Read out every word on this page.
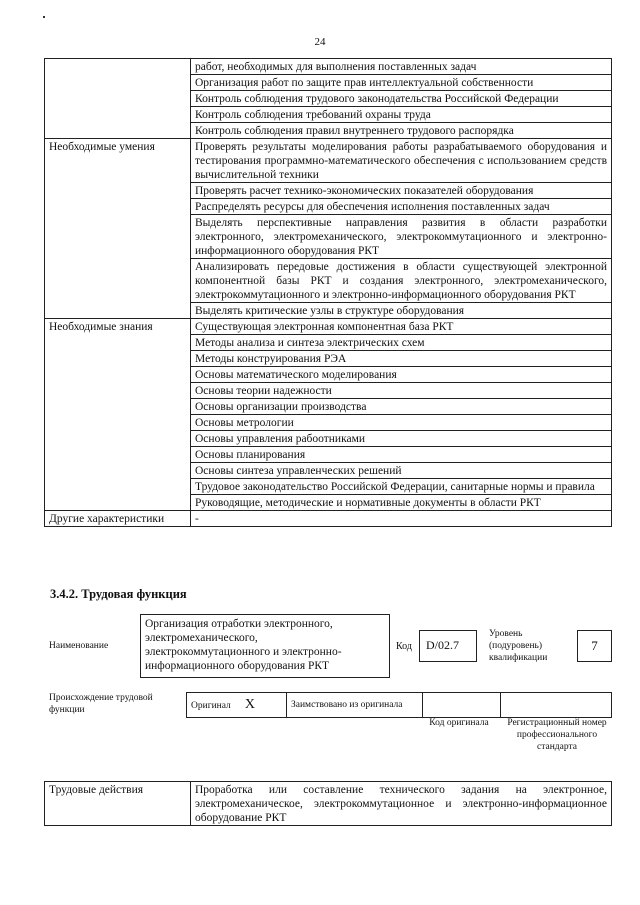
24
	работ, необходимых для выполнения поставленных задач
	Организация работ по защите прав интеллектуальной собственности
	Контроль соблюдения трудового законодательства Российской Федерации
	Контроль соблюдения требований охраны труда
	Контроль соблюдения правил внутреннего трудового распорядка
Необходимые умения	Проверять результаты моделирования работы разрабатываемого оборудования и тестирования программно-математического обеспечения с использованием средств вычислительной техники
	Проверять расчет технико-экономических показателей оборудования
	Распределять ресурсы для обеспечения исполнения поставленных задач
	Выделять перспективные направления развития в области разработки электронного, электромеханического, электрокоммутационного и электронно-информационного оборудования РКТ
	Анализировать передовые достижения в области существующей электронной компонентной базы РКТ и создания электронного, электромеханического, электрокоммутационного и электронно-информационного оборудования РКТ
	Выделять критические узлы в структуре оборудования
Необходимые знания	Существующая электронная компонентная база РКТ
	Методы анализа и синтеза электрических схем
	Методы конструирования РЭА
	Основы математического моделирования
	Основы теории надежности
	Основы организации производства
	Основы метрологии
	Основы управления рабоотниками
	Основы планирования
	Основы синтеза управленческих решений
	Трудовое законодательство Российской Федерации, санитарные нормы и правила
	Руководящие, методические и нормативные документы в области РКТ
Другие характеристики	-
3.4.2. Трудовая функция
Наименование
Организация отработки электронного, электромеханического, электрокоммутационного и электронно-информационного оборудования РКТ
Код	D/02.7
Уровень (подуровень) квалификации
7
Происхождение трудовой функции	Оригинал X	Заимствовано из оригинала		
Код оригинала	Регистрационный номер профессионального стандарта
Трудовые действия	Проработка или составление технического задания на электронное, электромеханическое, электрокоммутационное и электронно-информационное оборудование РКТ
